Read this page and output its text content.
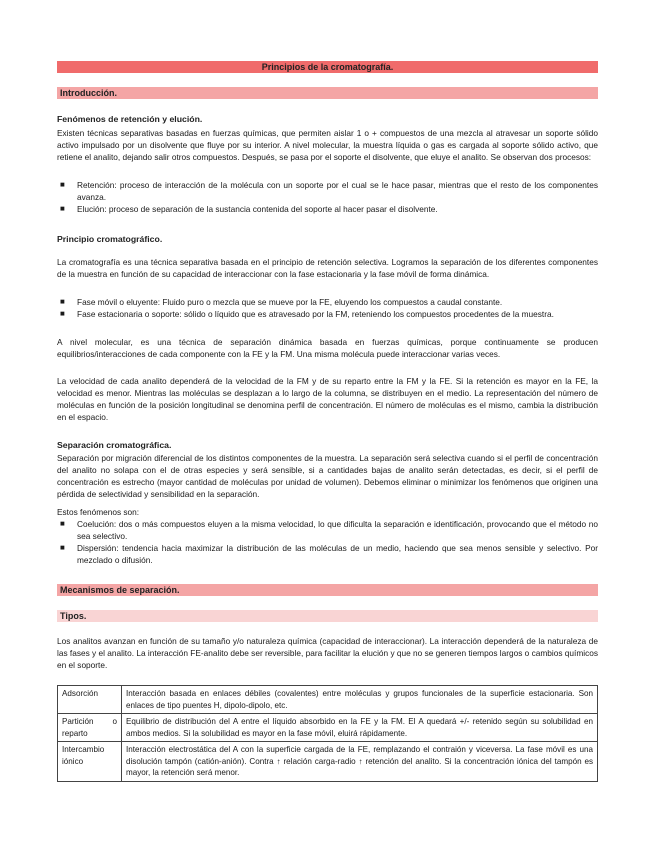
Principios de la cromatografía.
Introducción.
Fenómenos de retención y elución.

Existen técnicas separativas basadas en fuerzas químicas, que permiten aislar 1 o + compuestos de una mezcla al atravesar un soporte sólido activo impulsado por un disolvente que fluye por su interior. A nivel molecular, la muestra líquida o gas es cargada al soporte sólido activo, que retiene el analito, dejando salir otros compuestos. Después, se pasa por el soporte el disolvente, que eluye el analito. Se observan dos procesos:

■ Retención: proceso de interacción de la molécula con un soporte por el cual se le hace pasar, mientras que el resto de los componentes avanza.
■ Elución: proceso de separación de la sustancia contenida del soporte al hacer pasar el disolvente.
Principio cromatográfico.

La cromatografía es una técnica separativa basada en el principio de retención selectiva. Logramos la separación de los diferentes componentes de la muestra en función de su capacidad de interaccionar con la fase estacionaria y la fase móvil de forma dinámica.

■ Fase móvil o eluyente: Fluido puro o mezcla que se mueve por la FE, eluyendo los compuestos a caudal constante.
■ Fase estacionaria o soporte: sólido o líquido que es atravesado por la FM, reteniendo los compuestos procedentes de la muestra.

A nivel molecular, es una técnica de separación dinámica basada en fuerzas químicas, porque continuamente se producen equilibrios/interacciones de cada componente con la FE y la FM. Una misma molécula puede interaccionar varias veces.

La velocidad de cada analito dependerá de la velocidad de la FM y de su reparto entre la FM y la FE. Si la retención es mayor en la FE, la velocidad es menor. Mientras las moléculas se desplazan a lo largo de la columna, se distribuyen en el medio. La representación del número de moléculas en función de la posición longitudinal se denomina perfil de concentración. El número de moléculas es el mismo, cambia la distribución en el espacio.

Separación cromatográfica.

Separación por migración diferencial de los distintos componentes de la muestra. La separación será selectiva cuando si el perfil de concentración del analito no solapa con el de otras especies y será sensible, si a cantidades bajas de analito serán detectadas, es decir, si el perfil de concentración es estrecho (mayor cantidad de moléculas por unidad de volumen). Debemos eliminar o minimizar los fenómenos que originen una pérdida de selectividad y sensibilidad en la separación.

Estos fenómenos son:

■ Coelución: dos o más compuestos eluyen a la misma velocidad, lo que dificulta la separación e identificación, provocando que el método no sea selectivo.
■ Dispersión: tendencia hacia maximizar la distribución de las moléculas de un medio, haciendo que sea menos sensible y selectivo. Por mezclado o difusión.
Mecanismos de separación.
Tipos.

Los analitos avanzan en función de su tamaño y/o naturaleza química (capacidad de interaccionar). La interacción dependerá de la naturaleza de las fases y el analito. La interacción FE-analito debe ser reversible, para facilitar la elución y que no se generen tiempos largos o cambios químicos en el soporte.

Adsorción	Interacción basada en enlaces débiles (covalentes) entre moléculas y grupos funcionales de la superficie estacionaria. Son enlaces de tipo puentes H, dipolo-dipolo, etc.
Partición o reparto	Equilibrio de distribución del A entre el líquido absorbido en la FE y la FM. El A quedará +/- retenido según su solubilidad en ambos medios. Si la solubilidad es mayor en la fase móvil, eluirá rápidamente.
Intercambio iónico	Interacción electrostática del A con la superficie cargada de la FE, remplazando el contraión y viceversa. La fase móvil es una disolución tampón (catión-anión). Contra ↑ relación carga-radio ↑ retención del analito. Si la concentración iónica del tampón es mayor, la retención será menor.
